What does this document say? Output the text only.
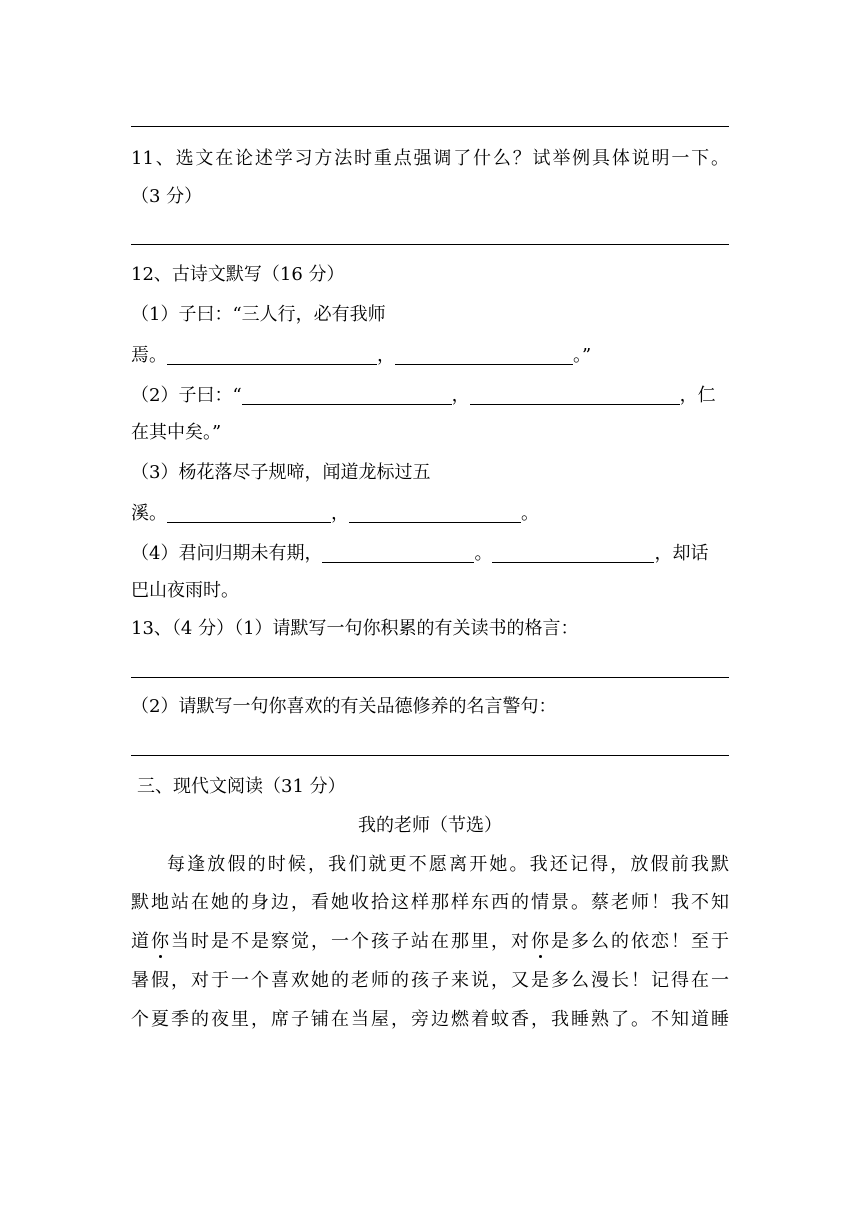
11、选文在论述学习方法时重点强调了什么？试举例具体说明一下。
（3 分）
12、古诗文默写（16 分）
（1）子曰：“三人行，必有我师
焉。	，	。”
（2）子曰：“	，	，仁
在其中矣。”
（3）杨花落尽子规啼，闻道龙标过五
溪。	，	。
（4）君问归期未有期，	。	，却话
巴山夜雨时。
13、（4 分）（1）请默写一句你积累的有关读书的格言：
（2）请默写一句你喜欢的有关品德修养的名言警句：
三、现代文阅读（31 分）
我的老师（节选）
每逢放假的时候，我们就更不愿离开她。我还记得，放假前我默
默地站在她的身边，看她收拾这样那样东西的情景。蔡老师！我不知
道你当时是不是察觉，一个孩子站在那里，对你是多么的依恋！至于
暑假，对于一个喜欢她的老师的孩子来说，又是多么漫长！记得在一
个夏季的夜里，席子铺在当屋，旁边燃着蚊香，我睡熟了。不知道睡
